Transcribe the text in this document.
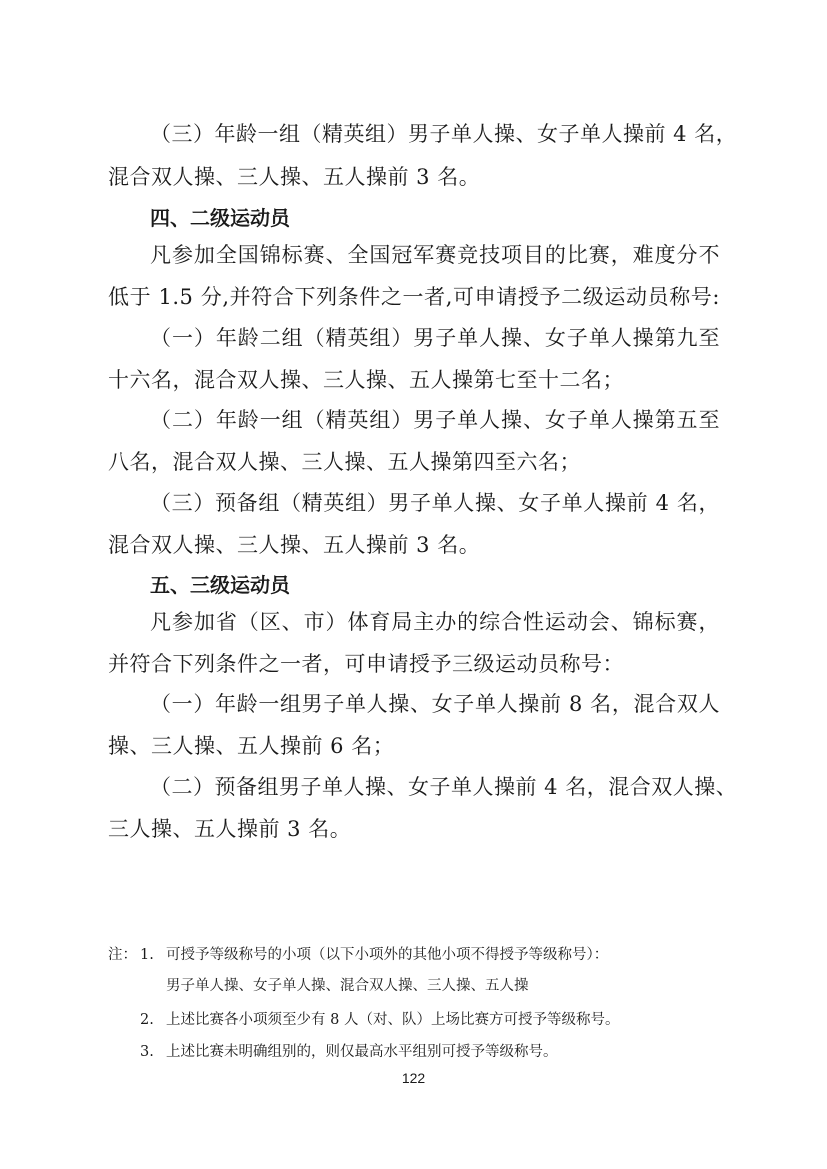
（三）年龄一组（精英组）男子单人操、女子单人操前 4 名，
混合双人操、三人操、五人操前 3 名。
四、二级运动员
凡参加全国锦标赛、全国冠军赛竞技项目的比赛，难度分不
低于 1.5 分,并符合下列条件之一者,可申请授予二级运动员称号:
（一）年龄二组（精英组）男子单人操、女子单人操第九至
十六名，混合双人操、三人操、五人操第七至十二名；
（二）年龄一组（精英组）男子单人操、女子单人操第五至
八名，混合双人操、三人操、五人操第四至六名；
（三）预备组（精英组）男子单人操、女子单人操前 4 名，
混合双人操、三人操、五人操前 3 名。
五、三级运动员
凡参加省（区、市）体育局主办的综合性运动会、锦标赛，
并符合下列条件之一者，可申请授予三级运动员称号：
（一）年龄一组男子单人操、女子单人操前 8 名，混合双人
操、三人操、五人操前 6 名；
（二）预备组男子单人操、女子单人操前 4 名，混合双人操、
三人操、五人操前 3 名。
注： 1. 可授予等级称号的小项（以下小项外的其他小项不得授予等级称号）：
男子单人操、女子单人操、混合双人操、三人操、五人操
2. 上述比赛各小项须至少有 8 人（对、队）上场比赛方可授予等级称号。
3. 上述比赛未明确组别的，则仅最高水平组别可授予等级称号。
122
